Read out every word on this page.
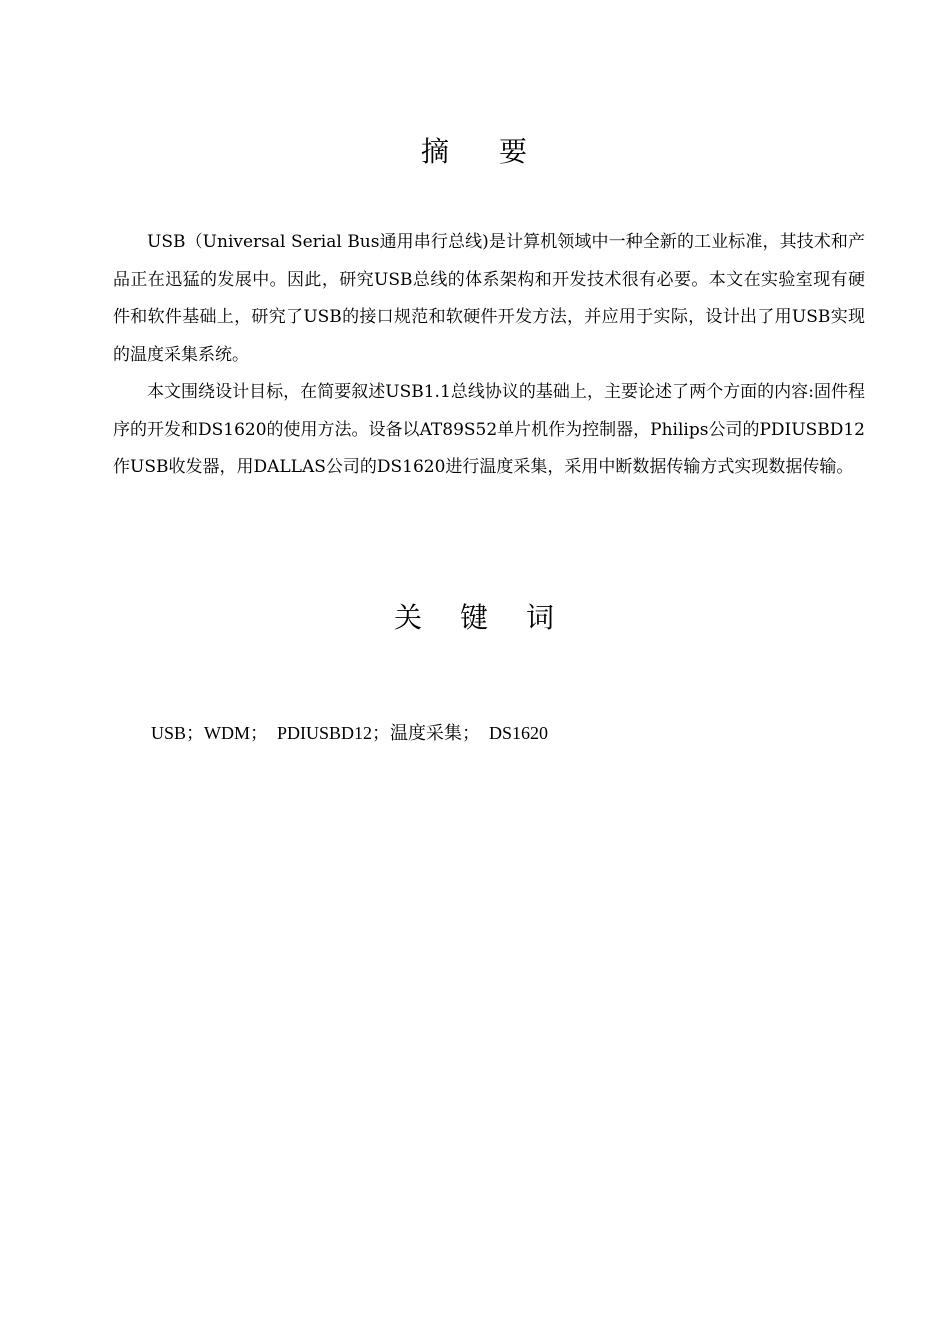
摘 要

USB（Universal Serial Bus通用串行总线)是计算机领域中一种全新的工业标准，其技术和产品正在迅猛的发展中。因此，研究USB总线的体系架构和开发技术很有必要。本文在实验室现有硬件和软件基础上，研究了USB的接口规范和软硬件开发方法，并应用于实际，设计出了用USB实现的温度采集系统。

本文围绕设计目标，在简要叙述USB1.1总线协议的基础上，主要论述了两个方面的内容:固件程序的开发和DS1620的使用方法。设备以AT89S52单片机作为控制器，Philips公司的PDIUSBD12作USB收发器，用DALLAS公司的DS1620进行温度采集，采用中断数据传输方式实现数据传输。

关 键 词
USB；WDM；  PDIUSBD12；温度采集；  DS1620
